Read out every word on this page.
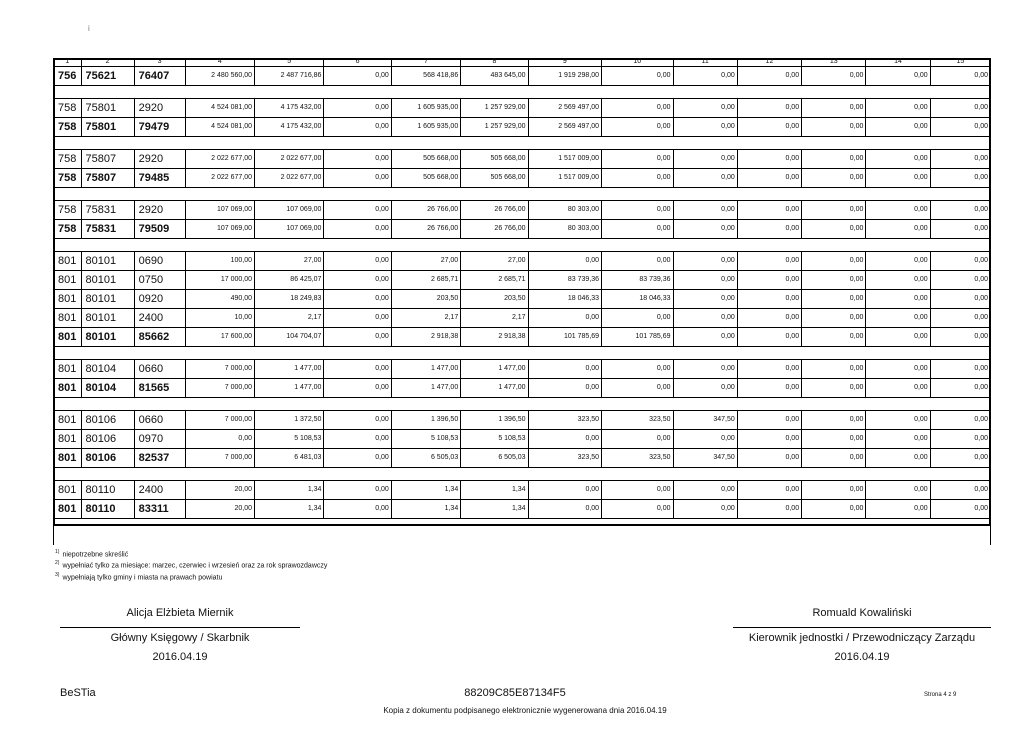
i
1	2	3	4	5	6	7	8	9	10	11	12	13	14	15
756	75621	76407	2 480 560,00	2 487 716,86	0,00	568 418,86	483 645,00	1 919 298,00	0,00	0,00	0,00	0,00	0,00	0,00

758	75801	2920	4 524 081,00	4 175 432,00	0,00	1 605 935,00	1 257 929,00	2 569 497,00	0,00	0,00	0,00	0,00	0,00	0,00
758	75801	79479	4 524 081,00	4 175 432,00	0,00	1 605 935,00	1 257 929,00	2 569 497,00	0,00	0,00	0,00	0,00	0,00	0,00

758	75807	2920	2 022 677,00	2 022 677,00	0,00	505 668,00	505 668,00	1 517 009,00	0,00	0,00	0,00	0,00	0,00	0,00
758	75807	79485	2 022 677,00	2 022 677,00	0,00	505 668,00	505 668,00	1 517 009,00	0,00	0,00	0,00	0,00	0,00	0,00

758	75831	2920	107 069,00	107 069,00	0,00	26 766,00	26 766,00	80 303,00	0,00	0,00	0,00	0,00	0,00	0,00
758	75831	79509	107 069,00	107 069,00	0,00	26 766,00	26 766,00	80 303,00	0,00	0,00	0,00	0,00	0,00	0,00

801	80101	0690	100,00	27,00	0,00	27,00	27,00	0,00	0,00	0,00	0,00	0,00	0,00	0,00
801	80101	0750	17 000,00	86 425,07	0,00	2 685,71	2 685,71	83 739,36	83 739,36	0,00	0,00	0,00	0,00	0,00
801	80101	0920	490,00	18 249,83	0,00	203,50	203,50	18 046,33	18 046,33	0,00	0,00	0,00	0,00	0,00
801	80101	2400	10,00	2,17	0,00	2,17	2,17	0,00	0,00	0,00	0,00	0,00	0,00	0,00
801	80101	85662	17 600,00	104 704,07	0,00	2 918,38	2 918,38	101 785,69	101 785,69	0,00	0,00	0,00	0,00	0,00

801	80104	0660	7 000,00	1 477,00	0,00	1 477,00	1 477,00	0,00	0,00	0,00	0,00	0,00	0,00	0,00
801	80104	81565	7 000,00	1 477,00	0,00	1 477,00	1 477,00	0,00	0,00	0,00	0,00	0,00	0,00	0,00

801	80106	0660	7 000,00	1 372,50	0,00	1 396,50	1 396,50	323,50	323,50	347,50	0,00	0,00	0,00	0,00
801	80106	0970	0,00	5 108,53	0,00	5 108,53	5 108,53	0,00	0,00	0,00	0,00	0,00	0,00	0,00
801	80106	82537	7 000,00	6 481,03	0,00	6 505,03	6 505,03	323,50	323,50	347,50	0,00	0,00	0,00	0,00

801	80110	2400	20,00	1,34	0,00	1,34	1,34	0,00	0,00	0,00	0,00	0,00	0,00	0,00
801	80110	83311	20,00	1,34	0,00	1,34	1,34	0,00	0,00	0,00	0,00	0,00	0,00	0,00

$^{1)}$ niepotrzebne skreślić
$^{2)}$ wypełniać tylko za miesiące: marzec, czerwiec i wrzesień oraz za rok sprawozdawczy
$^{3)}$ wypełniają tylko gminy i miasta na prawach powiatu
Alicja Elżbieta Miernik
Główny Księgowy / Skarbnik
2016.04.19
Romuald Kowaliński
Kierownik jednostki / Przewodniczący Zarządu
2016.04.19
BeSTia	88209C85E87134F5	Strona 4 z 9
Kopia z dokumentu podpisanego elektronicznie wygenerowana dnia 2016.04.19
